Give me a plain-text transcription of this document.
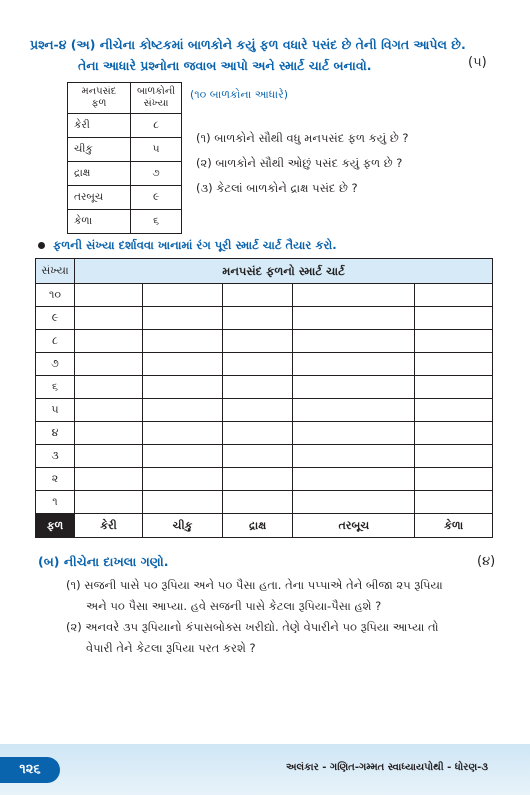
પ્રશ્ન-૪ (અ) નીચેના કોષ્ટકમાં બાળકોને કયું ફળ વધારે પસંદ છે તેની વિગત આપેલ છે.
તેના આધારે પ્રશ્નોના જવાબ આપો અને સ્માર્ટ ચાર્ટ બનાવો.	(૫)
મનપસંદ ફળ	બાળકોની સંખ્યા
કેરી	૮
ચીકુ	૫
દ્રાક્ષ	૭
તરબૂચ	૯
કેળા	૬
(૧૦ બાળકોના આધારે)
(૧) બાળકોને સૌથી વધુ મનપસંદ ફળ કયું છે ?
(૨) બાળકોને સૌથી ઓછું પસંદ કયું ફળ છે ?
(૩) કેટલાં બાળકોને દ્રાક્ષ પસંદ છે ?
ફળની સંખ્યા દર્શાવવા ખાનામાં રંગ પૂરી સ્માર્ટ ચાર્ટ તૈયાર કરો.
સંખ્યા	મનપસંદ ફળનો સ્માર્ટ ચાર્ટ				
૧૦					
૯					
૮					
૭					
૬					
૫					
૪					
૩					
૨					
૧					
ફળ	કેરી	ચીકુ	દ્રાક્ષ	તરબૂચ	કેળા
(બ) નીચેના દાખલા ગણો.	(૪)
(૧) સજની પાસે ૫૦ રૂપિયા અને ૫૦ પૈસા હતા. તેના પપ્પાએ તેને બીજા ૨૫ રૂપિયા
અને ૫૦ પૈસા આપ્યા. હવે સજની પાસે કેટલા રૂપિયા-પૈસા હશે ?
(૨) અનવરે ૩૫ રૂપિયાનો કંપાસબોક્સ ખરીદ્યો. તેણે વેપારીને ૫૦ રૂપિયા આપ્યા તો
વેપારી તેને કેટલા રૂપિયા પરત કરશે ?
૧૨૬	અલંકાર - ગણિત-ગમ્મત સ્વાધ્યાયપોથી - ધોરણ-૩
